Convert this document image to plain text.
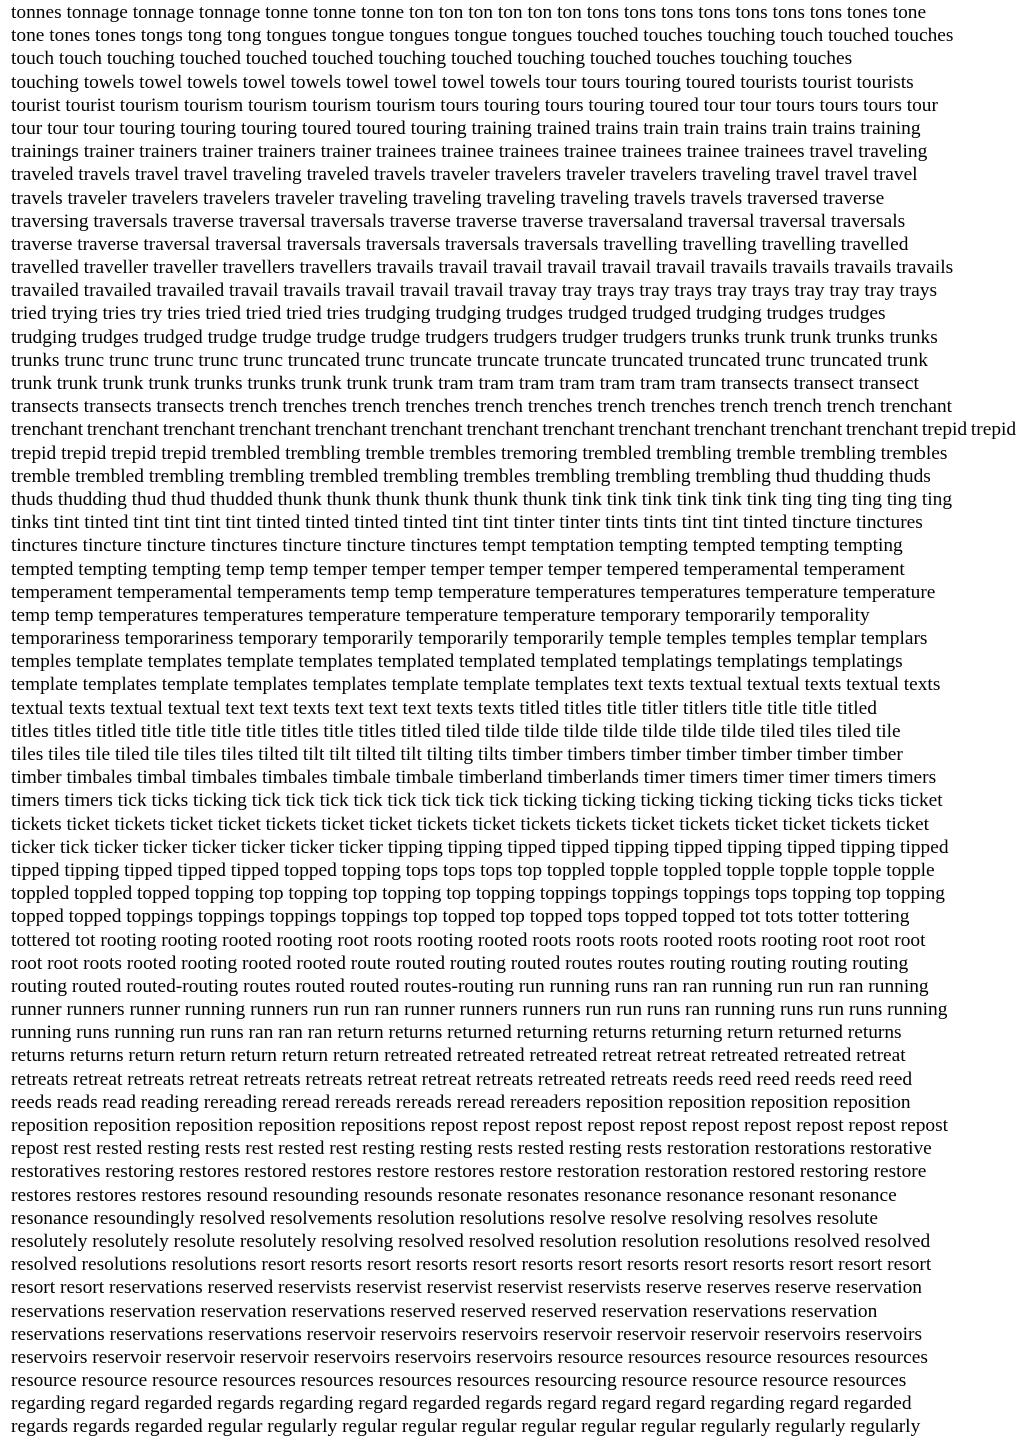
tonnes tonnage tonnage tonnage tonne tonne tonne ton ton ton ton ton ton tons tons tons tons tons tons tons tones tone
tone tones tones tongs tong tong tongues tongue tongues tongue tongues touched touches touching touch touched touches
touch touch touching touched touched touched touching touched touching touched touches touching touches
touching towels towel towels towel towels towel towel towel towels tour tours touring toured tourists tourist tourists
tourist tourist tourism tourism tourism tourism tourism tours touring tours touring toured tour tour tours tours tours tour
tour tour tour touring touring touring toured toured touring training trained trains train train trains train trains training
trainings trainer trainers trainer trainers trainer trainees trainee trainees trainee trainees trainee trainees travel traveling
traveled travels travel travel traveling traveled travels traveler travelers traveler travelers traveling travel travel travel
travels traveler travelers travelers traveler traveling traveling traveling traveling travels travels traversed traverse
traversing traversals traverse traversal traversals traverse traverse traverse traversaland traversal traversal traversals
traverse traverse traversal traversal traversals traversals traversals traversals travelling travelling travelling travelled
travelled traveller traveller travellers travellers travails travail travail travail travail travail travails travails travails travails
travailed travailed travailed travail travails travail travail travail travay tray trays tray trays tray trays tray tray tray trays
tried trying tries try tries tried tried tried tries trudging trudging trudges trudged trudged trudging trudges trudges
trudging trudges trudged trudge trudge trudge trudge trudgers trudgers trudger trudgers trunks trunk trunk trunks trunks
trunks trunc trunc trunc trunc trunc truncated trunc truncate truncate truncate truncated truncated trunc truncated trunk
trunk trunk trunk trunk trunks trunks trunk trunk trunk tram tram tram tram tram tram tram transects transect transect
transects transects transects trench trenches trench trenches trench trenches trench trenches trench trench trench trenchant
trenchant trenchant trenchant trenchant trenchant trenchant trenchant trenchant trenchant trenchant trenchant trenchant trepid trepid
trepid trepid trepid trepid trembled trembling tremble trembles tremoring trembled trembling tremble trembling trembles
tremble trembled trembling trembling trembled trembling trembles trembling trembling trembling thud thudding thuds
thuds thudding thud thud thudded thunk thunk thunk thunk thunk thunk tink tink tink tink tink tink ting ting ting ting ting
tinks tint tinted tint tint tint tint tinted tinted tinted tinted tint tint tinter tinter tints tints tint tint tinted tincture tinctures
tinctures tincture tincture tinctures tincture tincture tinctures tempt temptation tempting tempted tempting tempting
tempted tempting tempting temp temp temper temper temper temper temper tempered temperamental temperament
temperament temperamental temperaments temp temp temperature temperatures temperatures temperature temperature
temp temp temperatures temperatures temperature temperature temperature temporary temporarily temporality
temporariness temporariness temporary temporarily temporarily temporarily temple temples temples templar templars
temples template templates template templates templated templated templated templatings templatings templatings
template templates template templates templates template template templates text texts textual textual texts textual texts
textual texts textual textual text text texts text text text texts texts titled titles title titler titlers title title title titled
titles titles titled title title title title titles title titles titled tiled tilde tilde tilde tilde tilde tilde tilde tiled tiles tiled tile
tiles tiles tile tiled tile tiles tiles tilted tilt tilt tilted tilt tilting tilts timber timbers timber timber timber timber timber
timber timbales timbal timbales timbales timbale timbale timberland timberlands timer timers timer timer timers timers
timers timers tick ticks ticking tick tick tick tick tick tick tick tick ticking ticking ticking ticking ticking ticks ticks ticket
tickets ticket tickets ticket ticket tickets ticket ticket tickets ticket tickets tickets ticket tickets ticket ticket tickets ticket
ticker tick ticker ticker ticker ticker ticker ticker tipping tipping tipped tipped tipping tipped tipping tipped tipping tipped
tipped tipping tipped tipped tipped topped topping tops tops tops top toppled topple toppled topple topple topple topple
toppled toppled topped topping top topping top topping top topping toppings toppings toppings tops topping top topping
topped topped toppings toppings toppings toppings top topped top topped tops topped topped tot tots totter tottering
tottered tot rooting rooting rooted rooting root roots rooting rooted roots roots roots rooted roots rooting root root root
root root roots rooted rooting rooted rooted route routed routing routed routes routes routing routing routing routing
routing routed routed-routing routes routed routed routes-routing run running runs ran ran running run run ran running
runner runners runner running runners run run ran runner runners runners run run runs ran running runs run runs running
running runs running run runs ran ran ran return returns returned returning returns returning return returned returns
returns returns return return return return return retreated retreated retreated retreat retreat retreated retreated retreat
retreats retreat retreats retreat retreats retreats retreat retreat retreats retreated retreats reeds reed reed reeds reed reed
reeds reads read reading rereading reread rereads rereads reread rereaders reposition reposition reposition reposition
reposition reposition reposition reposition repositions repost repost repost repost repost repost repost repost repost repost
repost rest rested resting rests rest rested rest resting resting rests rested resting rests restoration restorations restorative
restoratives restoring restores restored restores restore restores restore restoration restoration restored restoring restore
restores restores restores resound resounding resounds resonate resonates resonance resonance resonant resonance
resonance resoundingly resolved resolvements resolution resolutions resolve resolve resolving resolves resolute
resolutely resolutely resolute resolutely resolving resolved resolved resolution resolution resolutions resolved resolved
resolved resolutions resolutions resort resorts resort resorts resort resorts resort resorts resort resorts resort resort resort
resort resort reservations reserved reservists reservist reservist reservist reservists reserve reserves reserve reservation
reservations reservation reservation reservations reserved reserved reserved reservation reservations reservation
reservations reservations reservations reservoir reservoirs reservoirs reservoir reservoir reservoir reservoirs reservoirs
reservoirs reservoir reservoir reservoir reservoirs reservoirs reservoirs resource resources resource resources resources
resource resource resource resources resources resources resources resourcing resource resource resource resources
regarding regard regarded regards regarding regard regarded regards regard regard regard regarding regard regarded
regards regards regarded regular regularly regular regular regular regular regular regular regularly regularly regularly
